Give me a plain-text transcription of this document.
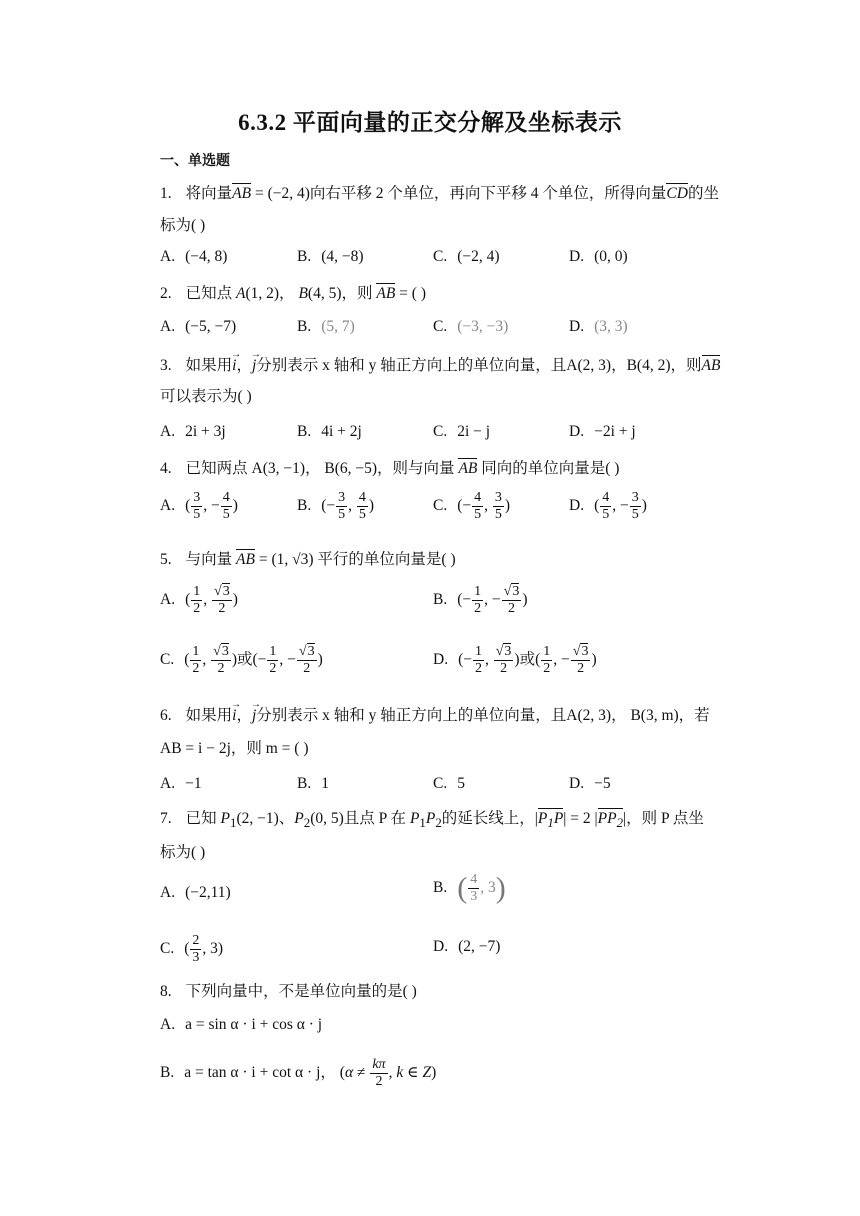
6.3.2 平面向量的正交分解及坐标表示
一、单选题
1. 将向量AB = (−2, 4)向右平移 2 个单位，再向下平移 4 个单位，所得向量CD的坐
标为( )
A. (−4, 8)	B. (4, −8)	C. (−2, 4)	D. (0, 0)
2. 已知点 A(1, 2)， B(4, 5)，则 AB = ( )
A. (−5, −7)	B. (5, 7)	C. (−3, −3)	D. (3, 3)
3. 如果用→ i，→ j分别表示 x 轴和 y 轴正方向上的单位向量，且A(2, 3)，B(4, 2)，则AB
可以表示为( )
A. 2i + 3j	B. 4i + 2j	C. 2i − j	D. −2i + j
4. 已知两点 A(3, −1)， B(6, −5)，则与向量 AB 同向的单位向量是( )
A. ( $\frac{3}{5}$ , − $\frac{4}{5}$ )	B. (− $\frac{3}{5}$ , $\frac{4}{5}$ )	C. (− $\frac{4}{5}$ , $\frac{3}{5}$ )	D. ( $\frac{4}{5}$ , − $\frac{3}{5}$ )
5. 与向量 AB = (1, √3) 平行的单位向量是( )
A. ( $\frac{1}{2}$ , $\frac{√3}{2}$ )	B. (− $\frac{1}{2}$ , − $\frac{√3}{2}$ )
C. ( $\frac{1}{2}$ , $\frac{√3}{2}$ )或(− $\frac{1}{2}$ , − $\frac{√3}{2}$ )	D. (− $\frac{1}{2}$ , $\frac{√3}{2}$ )或( $\frac{1}{2}$ , − $\frac{√3}{2}$ )
6. 如果用→ i，→ j分别表示 x 轴和 y 轴正方向上的单位向量，且A(2, 3)， B(3, m)，若
AB = i − 2j，则 m = ( )
A. −1	B. 1	C. 5	D. −5
7. 已知 $P_1(2$, −1)、$P_2(0$, 5)且点 P 在 $P_1P_2$的延长线上，$|P_1P| = 2$ $|PP_2|$，则 P 点坐
标为( )
A. (−2,11)	B. ( $\frac{4}{3}$ , 3)
C. ( $\frac{2}{3}$ , 3)	D. (2, −7)
8. 下列向量中，不是单位向量的是( )
A. a = sin α · i + cos α · j
B. a = tan α · i + cot α · j， ($\alpha \ne \frac{k\pi}{2}$ , k ∈ Z)
